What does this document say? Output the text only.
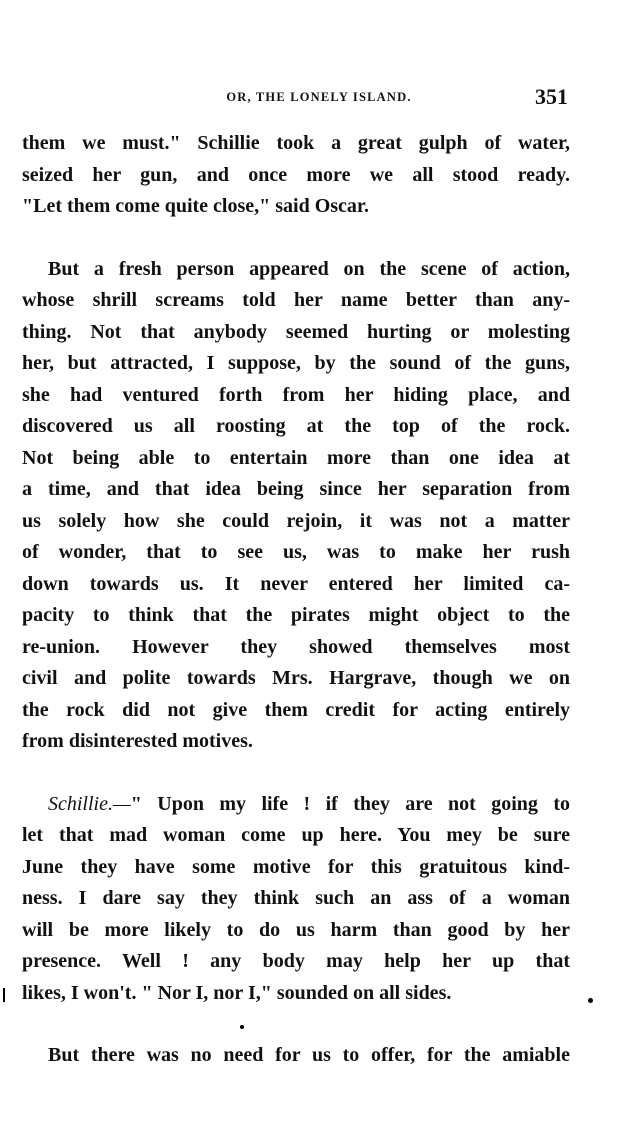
OR, THE LONELY ISLAND.	351
them we must." Schillie took a great gulph of water,
seized her gun, and once more we all stood ready.
"Let them come quite close," said Oscar.
But a fresh person appeared on the scene of action,
whose shrill screams told her name better than any-
thing. Not that anybody seemed hurting or molesting
her, but attracted, I suppose, by the sound of the guns,
she had ventured forth from her hiding place, and
discovered us all roosting at the top of the rock.
Not being able to entertain more than one idea at
a time, and that idea being since her separation from
us solely how she could rejoin, it was not a matter
of wonder, that to see us, was to make her rush
down towards us. It never entered her limited ca-
pacity to think that the pirates might object to the
re-union. However they showed themselves most
civil and polite towards Mrs. Hargrave, though we on
the rock did not give them credit for acting entirely
from disinterested motives.
Schillie.—" Upon my life ! if they are not going to
let that mad woman come up here. You mey be sure
June they have some motive for this gratuitous kind-
ness. I dare say they think such an ass of a woman
will be more likely to do us harm than good by her
presence. Well ! any body may help her up that
likes, I won't. " Nor I, nor I," sounded on all sides.
But there was no need for us to offer, for the amiable
